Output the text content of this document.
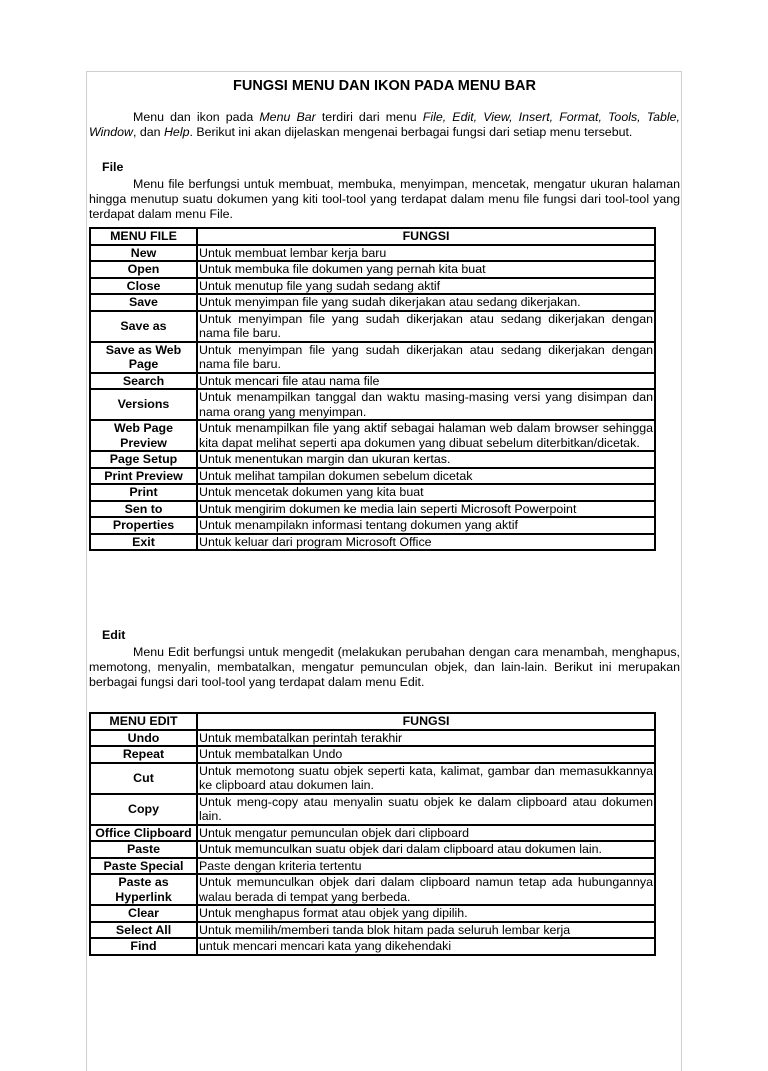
FUNGSI MENU DAN IKON PADA MENU BAR

Menu dan ikon pada Menu Bar terdiri dari menu File, Edit, View, Insert, Format, Tools, Table, Window, dan Help. Berikut ini akan dijelaskan mengenai berbagai fungsi dari setiap menu tersebut.

File

Menu file berfungsi untuk membuat, membuka, menyimpan, mencetak, mengatur ukuran halaman hingga menutup suatu dokumen yang kiti tool-tool yang terdapat dalam menu file fungsi dari tool-tool yang terdapat dalam menu File.

MENU FILE	FUNGSI
New	Untuk membuat lembar kerja baru
Open	Untuk membuka file dokumen yang pernah kita buat
Close	Untuk menutup file yang sudah sedang aktif
Save	Untuk menyimpan file yang sudah dikerjakan atau sedang dikerjakan.
Save as	Untuk menyimpan file yang sudah dikerjakan atau sedang dikerjakan dengan nama file baru.
Save as Web Page	Untuk menyimpan file yang sudah dikerjakan atau sedang dikerjakan dengan nama file baru.
Search	Untuk mencari file atau nama file
Versions	Untuk menampilkan tanggal dan waktu masing-masing versi yang disimpan dan nama orang yang menyimpan.
Web Page Preview	Untuk menampilkan file yang aktif sebagai halaman web dalam browser sehingga kita dapat melihat seperti apa dokumen yang dibuat sebelum diterbitkan/dicetak.
Page Setup	Untuk menentukan margin dan ukuran kertas.
Print Preview	Untuk melihat tampilan dokumen sebelum dicetak
Print	Untuk mencetak dokumen yang kita buat
Sen to	Untuk mengirim dokumen ke media lain seperti Microsoft Powerpoint
Properties	Untuk menampilakn informasi tentang dokumen yang aktif
Exit	Untuk keluar dari program Microsoft Office
Edit

Menu Edit berfungsi untuk mengedit (melakukan perubahan dengan cara menambah, menghapus, memotong, menyalin, membatalkan, mengatur pemunculan objek, dan lain-lain. Berikut ini merupakan berbagai fungsi dari tool-tool yang terdapat dalam menu Edit.

MENU EDIT	FUNGSI
Undo	Untuk membatalkan perintah terakhir
Repeat	Untuk membatalkan Undo
Cut	Untuk memotong suatu objek seperti kata, kalimat, gambar dan memasukkannya ke clipboard atau dokumen lain.
Copy	Untuk meng-copy atau menyalin suatu objek ke dalam clipboard atau dokumen lain.
Office Clipboard	Untuk mengatur pemunculan objek dari clipboard
Paste	Untuk memunculkan suatu objek dari dalam clipboard atau dokumen lain.
Paste Special	Paste dengan kriteria tertentu
Paste as Hyperlink	Untuk memunculkan objek dari dalam clipboard namun tetap ada hubungannya walau berada di tempat yang berbeda.
Clear	Untuk menghapus format atau objek yang dipilih.
Select All	Untuk memilih/memberi tanda blok hitam pada seluruh lembar kerja
Find	untuk mencari mencari kata yang dikehendaki
